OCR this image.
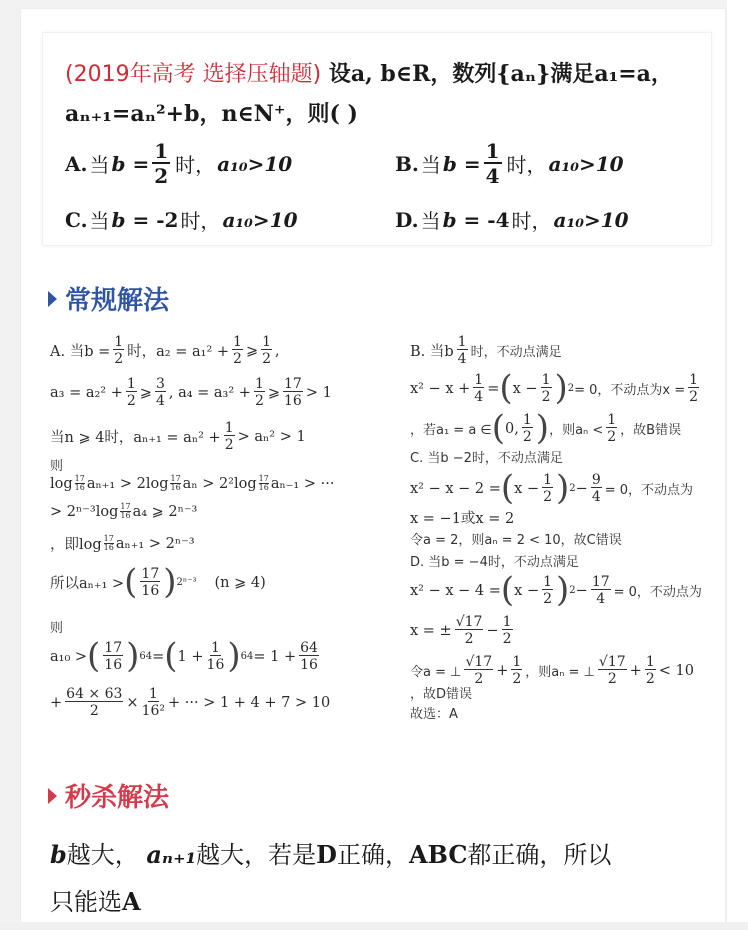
(2019年高考 选择压轴题) 设a, b∈R，数列{aₙ}满足a₁=a，
aₙ₊₁=aₙ²+b，n∈N⁺，则( )
A. 当 b
= $\frac{1}{2}$ 时， a₁₀>10	B. 当 b
= $\frac{1}{4}$ 时， a₁₀>10
C. 当 b
=
-2 时， a₁₀>10	D. 当 b
=
-4 时， a₁₀>10
常规解法
A. 当$b = \frac{1}{2}$ 时，$a_2 = a_1^2 + \frac{1}{2}$ ⩾ $\frac{1}{2}$ ,
$a_3 = a_2^2 + \frac{1}{2}$ ⩾ $\frac{3}{4}$ , $a_4 = a_3^2 + \frac{1}{2}$ ⩾ $\frac{17}{16} > 1$
当n ⩾ 4时，$a_{n+1} = a_n^2 + \frac{1}{2} > a_n^2 > 1$
则
$\log \frac{17}{16} a_{n+1} > 2\log \frac{17}{16}$ $a_n > 2^2\log \frac{17}{16} a_{n-1}$ > ···
> $2^{n-3}\log \frac{17}{16} a_4$ ⩾ 2ⁿ⁻³
，即$\log \frac{17}{16} a_{n+1} > 2^{n-3}$
所以aₙ₊₁ > ( $\frac{17}{16}$ ) 2ⁿ⁻³ (n ⩾ 4)
则
a₁₀ > ( $\frac{17}{16}$ ) 64 = ( $1 + \frac{1}{16}$ ) $64 = 1 + \frac{64}{16}$
+ $\frac{64 \times 63}{2} \times \frac{1}{\text{16²}}$ + ··· > 1 + 4 + 7 > 10
B. 当b $\frac{1}{4}$ 时，不动点满足
$x^2 - x + \frac{1}{4}$ = ( $x - \frac{1}{2}$ ) 2 = 0，不动点为$x = \frac{1}{2}$
，若a₁ = a ∈ ( 0, $\frac{1}{2}$ ) ，则$a_n < \frac{1}{2}$ ，故B错误
C. 当b −2时，不动点满足
x² − x − 2 = ( $x - \frac{1}{2}$ ) $2 - \frac{9}{4} = 0$，不动点为
x = −1或x = 2
令a = 2，则aₙ = 2 < 10，故C错误
D. 当b = −4时，不动点满足
x² − x − 4 = ( $x - \frac{1}{2}$ ) $2 - \frac{17}{4} = 0$，不动点为
x = ± $\frac{√17}{2} - \frac{1}{2}$
令a = ⊥ $\frac{√17}{2} + \frac{1}{2}$ ，则aₙ = ⊥ $\frac{√17}{2} + \frac{1}{2} < 10$
，故D错误
故选：A
秒杀解法
b越大， aₙ₊₁越大，若是D正确，ABC都正确，所以
只能选A
